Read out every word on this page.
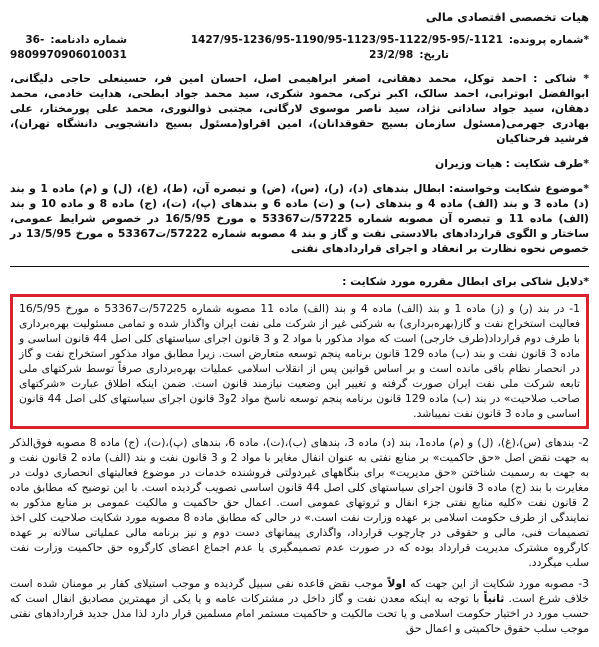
هیات تخصصی اقتصادی مالی
*شماره پرونده:
1427/95-1236/95-1190/95-1123/95-1122/95-95/-1121
تاریخ:
23/2/98
شماره دادنامه:
36-
9809970906010031
* شاکی : احمد توکل، محمد دهقانی، اصغر ابراهیمی اصل، احسان امین فر، حسینعلی حاجی دلیگانی، ابوالفضل ابوترابی، احمد سالک، اکبر ترکی، محمود شکری، سید محمد جواد ابطحی، هدایت خادمی، محمد دهقان، سید جواد ساداتی نژاد، سید ناصر موسوی لارگانی، مجتبی ذوالنوری، محمد علی پورمختار، علی بهادری جهرمی(مسئول سازمان بسیج حقوقدانان)، امین اقراو(مسئول بسیج دانشجویی دانشگاه تهران)، فرشید فرحناکیان
*طرف شکایت : هیات وزیران
*موضوع شکایت وخواسته: ابطال بندهای (د)، (ر)، (س)، (ض) و تبصره آن، (ط)، (غ)، (ل) و (م) ماده 1 و بند (د) ماده 3 و بند (الف) ماده 4 و بندهای (ب) و (ت) ماده 6 و بندهای (پ)، (ت)، (ج) ماده 8 و ماده 10 و بند (الف) ماده 11 و تبصره آن مصوبه شماره 57225/ت53367 ه مورخ 16/5/95 در خصوص شرایط عمومی، ساختار و الگوی قراردادهای بالادستی نفت و گاز و بند 4 مصوبه شماره 57222/ت53367 ه مورخ 13/5/95 در خصوص نحوه نظارت بر انعقاد و اجرای قراردادهای نفتی
*دلایل شاکی برای ابطال مقرره مورد شکایت :
1- در بند (ر) و (ز) ماده 1 و بند (الف) ماده 4 و بند (الف) ماده 11 مصوبه شماره 57225/ت53367 ه مورخ 16/5/95 فعالیت استخراج نفت و گاز(بهره‌برداری) به شرکتی غیر از شرکت ملی نفت ایران واگذار شده و تمامی مسئولیت بهره‌برداری با طرف دوم قرارداد(طرف خارجی) است که مواد مذکور با مواد 2 و 3 قانون اجرای سیاستهای کلی اصل 44 قانون اساسی و ماده 3 قانون نفت و بند (ب) ماده 129 قانون برنامه پنجم توسعه متعارض است. زیرا مطابق مواد مذکور استخراج نفت و گاز در انحصار نظام باقی مانده است و بر اساس قوانین پس از انقلاب اسلامی عملیات بهره‌برداری صرفاً توسط شرکتهای ملی تابعه شرکت ملی نفت ایران صورت گرفته و تغییر این وضعیت نیازمند قانون است. ضمن اینکه اطلاق عبارت «شرکتهای صاحب صلاحیت» در بند (ب) ماده 129 قانون برنامه پنجم توسعه ناسخ مواد 2و3 قانون اجرای سیاستهای کلی اصل 44 قانون اساسی و ماده 3 قانون نفت نمیباشد.
2- بندهای (س)،(غ)، (ل) و (م) ماده1، بند (د) ماده 3، بندهای (ب)،(ت)، ماده 6، بندهای (پ)،(ت)، (ج) ماده 8 مصوبه فوق‌الذکر به جهت نقض اصل «حق حاکمیت» بر منابع نفتی به عنوان انفال مغایر با مواد 2 و 3 قانون نفت و بند (الف) ماده 2 قانون نفت و به جهت به رسمیت شناختن «حق مدیریت» برای بنگاههای غیردولتی فروشنده خدمات در موضوع فعالیتهای انحصاری دولت در مغایرت با بند (ج) ماده 3 قانون اجرای سیاستهای کلی اصل 44 قانون اساسی تصویب گردیده است. با این توضیح که مطابق ماده 2 قانون نفت «کلیه منابع نفتی جزء انفال و ثروتهای عمومی است. اعمال حق حاکمیت و مالکیت عمومی بر منابع مذکور به نمایندگی از طرف حکومت اسلامی بر عهده وزارت نفت است.» در حالی که مطابق ماده 8 مصوبه مورد شکایت صلاحیت کلی اخذ تصمیمات فنی، مالی و حقوقی در چارچوب قرارداد، واگذاری پیمانهای دست دوم و نیز برنامه مالی عملیاتی سالانه بر عهده کارگروه مشترک مدیریت قرارداد بوده که در صورت عدم تصمیمگیری یا عدم اجماع اعضای کارگروه حق حاکمیت وزارت نفت سلب میگردد.
3- مصوبه مورد شکایت از این جهت که اولاً موجب نقض قاعده نفی سبیل گردیده و موجب استیلای کفار بر مومنان شده است خلاف شرع است. ثانیاً با توجه به اینکه معدن نفت و گاز داخل در مشترکات عامه و یا یکی از مهمترین مصادیق انفال است که حسب مورد در اختیار حکومت اسلامی و یا تحت مالکیت و حاکمیت مستمر امام مسلمین قرار دارد لذا مدل جدید قراردادهای نفتی موجب سلب حقوق حاکمیتی و اعمال حق
